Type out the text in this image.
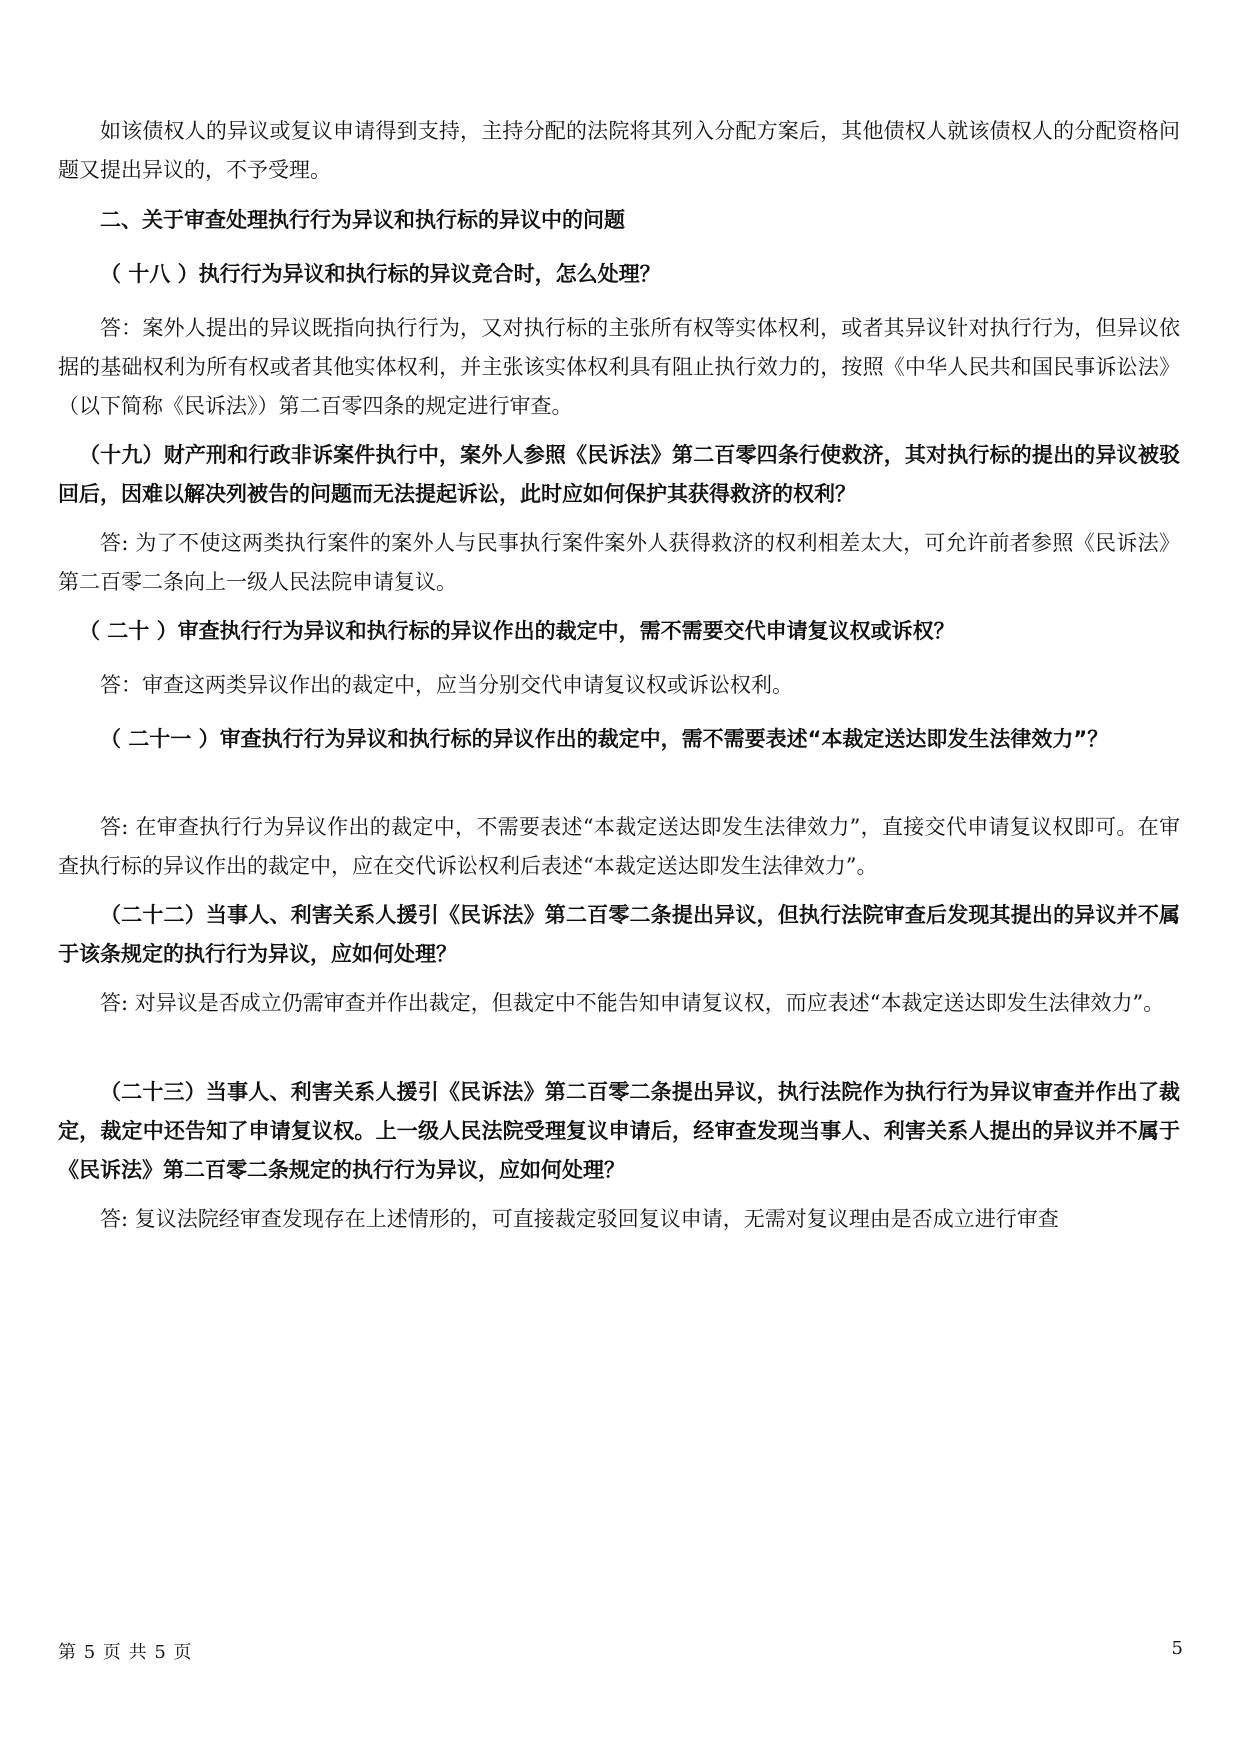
如该债权人的异议或复议申请得到支持，主持分配的法院将其列入分配方案后，其他债权人就该债权人的分配资格问题又提出异议的，不予受理。

二、关于审查处理执行行为异议和执行标的异议中的问题

（ 十八 ）执行行为异议和执行标的异议竞合时，怎么处理？

答：案外人提出的异议既指向执行行为，又对执行标的主张所有权等实体权利，或者其异议针对执行行为，但异议依据的基础权利为所有权或者其他实体权利，并主张该实体权利具有阻止执行效力的，按照《中华人民共和国民事诉讼法》（以下简称《民诉法》）第二百零四条的规定进行审查。

（十九）财产刑和行政非诉案件执行中，案外人参照《民诉法》第二百零四条行使救济，其对执行标的提出的异议被驳回后，因难以解决列被告的问题而无法提起诉讼，此时应如何保护其获得救济的权利？

答: 为了不使这两类执行案件的案外人与民事执行案件案外人获得救济的权利相差太大，可允许前者参照《民诉法》第二百零二条向上一级人民法院申请复议。

（ 二十 ）审查执行行为异议和执行标的异议作出的裁定中，需不需要交代申请复议权或诉权？

答：审查这两类异议作出的裁定中，应当分别交代申请复议权或诉讼权利。

（ 二十一 ）审查执行行为异议和执行标的异议作出的裁定中，需不需要表述“本裁定送达即发生法律效力”？

答: 在审查执行行为异议作出的裁定中，不需要表述“本裁定送达即发生法律效力”，直接交代申请复议权即可。在审查执行标的异议作出的裁定中，应在交代诉讼权利后表述“本裁定送达即发生法律效力”。

（二十二）当事人、利害关系人援引《民诉法》第二百零二条提出异议，但执行法院审查后发现其提出的异议并不属于该条规定的执行行为异议，应如何处理？

答: 对异议是否成立仍需审查并作出裁定，但裁定中不能告知申请复议权，而应表述“本裁定送达即发生法律效力”。

（二十三）当事人、利害关系人援引《民诉法》第二百零二条提出异议，执行法院作为执行行为异议审查并作出了裁定，裁定中还告知了申请复议权。上一级人民法院受理复议申请后，经审查发现当事人、利害关系人提出的异议并不属于《民诉法》第二百零二条规定的执行行为异议，应如何处理？

答: 复议法院经审查发现存在上述情形的，可直接裁定驳回复议申请，无需对复议理由是否成立进行审查

第 5 页 共 5 页	5
